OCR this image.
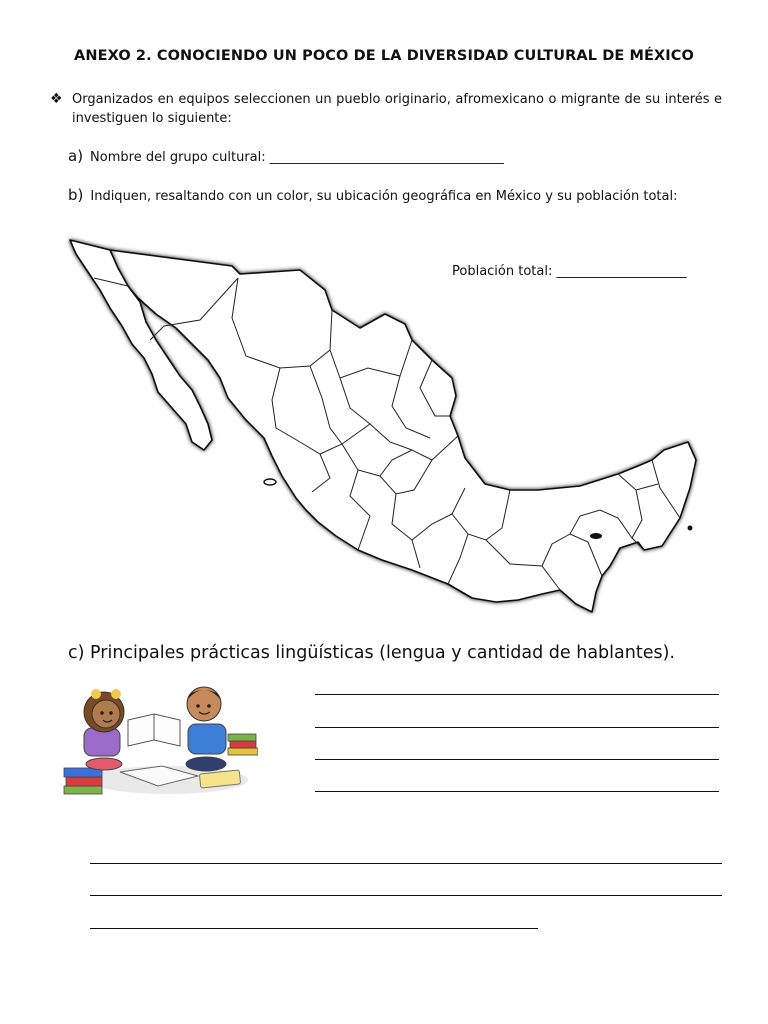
ANEXO 2. CONOCIENDO UN POCO DE LA DIVERSIDAD CULTURAL DE MÉXICO
❖ Organizados en equipos seleccionen un pueblo originario, afromexicano o migrante de su interés e investiguen lo siguiente:
a) Nombre del grupo cultural: ____________________________________
b) Indiquen, resaltando con un color, su ubicación geográfica en México y su población total:
Población total: ____________________
c) Principales prácticas lingüísticas (lengua y cantidad de hablantes).
